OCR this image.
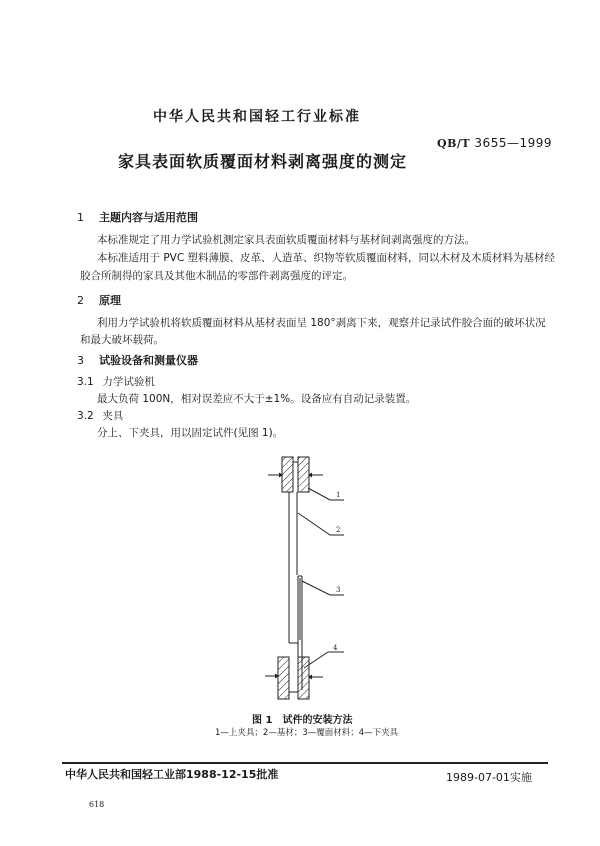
中华人民共和国轻工行业标准
QB/T 3655—1999
家具表面软质覆面材料剥离强度的测定
1 主题内容与适用范围
本标准规定了用力学试验机测定家具表面软质覆面材料与基材间剥离强度的方法。
本标准适用于 PVC 塑料薄膜、皮革、人造革、织物等软质覆面材料，同以木材及木质材料为基材经
胶合所制得的家具及其他木制品的零部件剥离强度的评定。
2 原理
利用力学试验机将软质覆面材料从基材表面呈 180°剥离下来，观察并记录试件胶合面的破坏状况
和最大破坏载荷。
3 试验设备和测量仪器
3.1 力学试验机
最大负荷 100N，相对误差应不大于±1%。设备应有自动记录装置。
3.2 夹具
分上、下夹具，用以固定试件(见图 1)。
1
2
3
4
图 1　试件的安装方法
1—上夹具；2—基材；3—覆面材料；4—下夹具
中华人民共和国轻工业部1988-12-15批准	1989-07-01实施
618
